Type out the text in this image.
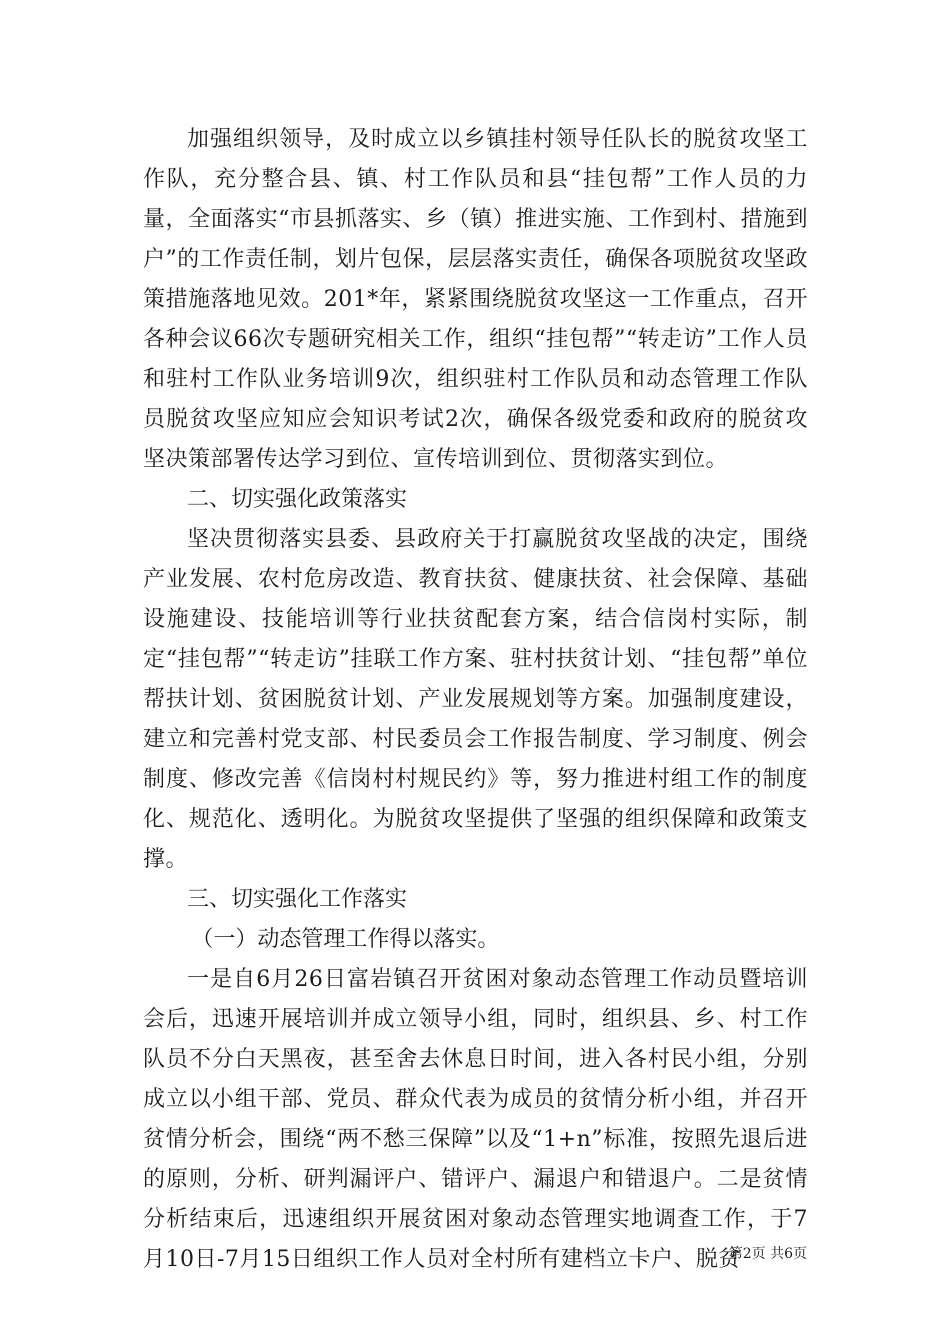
加强组织领导，及时成立以乡镇挂村领导任队长的脱贫攻坚工作队，充分整合县、镇、村工作队员和县“挂包帮”工作人员的力量，全面落实“市县抓落实、乡（镇）推进实施、工作到村、措施到户”的工作责任制，划片包保，层层落实责任，确保各项脱贫攻坚政策措施落地见效。201*年，紧紧围绕脱贫攻坚这一工作重点，召开各种会议66次专题研究相关工作，组织“挂包帮”“转走访”工作人员和驻村工作队业务培训9次，组织驻村工作队员和动态管理工作队员脱贫攻坚应知应会知识考试2次，确保各级党委和政府的脱贫攻坚决策部署传达学习到位、宣传培训到位、贯彻落实到位。

二、切实强化政策落实

坚决贯彻落实县委、县政府关于打赢脱贫攻坚战的决定，围绕产业发展、农村危房改造、教育扶贫、健康扶贫、社会保障、基础设施建设、技能培训等行业扶贫配套方案，结合信岗村实际，制定“挂包帮”“转走访”挂联工作方案、驻村扶贫计划、“挂包帮”单位帮扶计划、贫困脱贫计划、产业发展规划等方案。加强制度建设，建立和完善村党支部、村民委员会工作报告制度、学习制度、例会制度、修改完善《信岗村村规民约》等，努力推进村组工作的制度化、规范化、透明化。为脱贫攻坚提供了坚强的组织保障和政策支撑。

三、切实强化工作落实

（一）动态管理工作得以落实。

一是自6月26日富岩镇召开贫困对象动态管理工作动员暨培训会后，迅速开展培训并成立领导小组，同时，组织县、乡、村工作队员不分白天黑夜，甚至舍去休息日时间，进入各村民小组，分别成立以小组干部、党员、群众代表为成员的贫情分析小组，并召开贫情分析会，围绕“两不愁三保障”以及“1+n”标准，按照先退后进的原则，分析、研判漏评户、错评户、漏退户和错退户。二是贫情分析结束后，迅速组织开展贫困对象动态管理实地调查工作，于7月10日-7月15日组织工作人员对全村所有建档立卡户、脱贫

第2页 共6页
